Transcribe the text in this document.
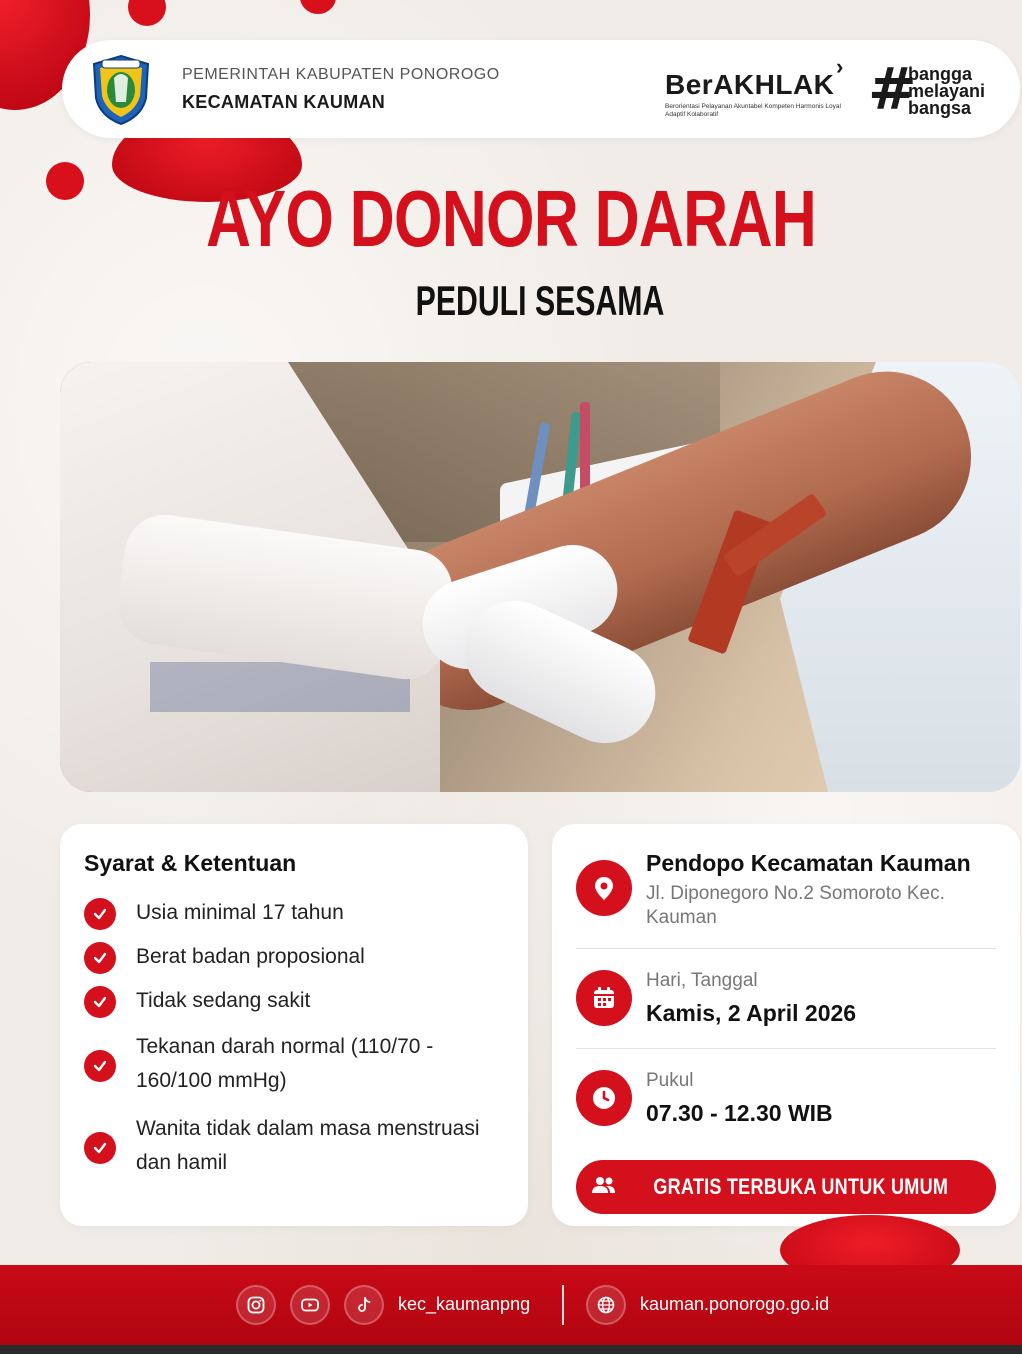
PEMERINTAH KABUPATEN PONOROGO
KECAMATAN KAUMAN
BerAKHLAK
Berorientasi Pelayanan Akuntabel Kompeten Harmonis Loyal Adaptif Kolaboratif
› #
bangga
melayani
bangsa
AYO DONOR DARAH
PEDULI SESAMA
Syarat & Ketentuan
Usia minimal 17 tahun
Berat badan proposional
Tidak sedang sakit
Tekanan darah normal (110/70 - 160/100 mmHg)
Wanita tidak dalam masa menstruasi dan hamil
Pendopo Kecamatan Kauman
Jl. Diponegoro No.2 Somoroto Kec. Kauman
Hari, Tanggal
Kamis, 2 April 2026
Pukul
07.30 - 12.30 WIB
GRATIS TERBUKA UNTUK UMUM
kec_kaumanpng	kauman.ponorogo.go.id
